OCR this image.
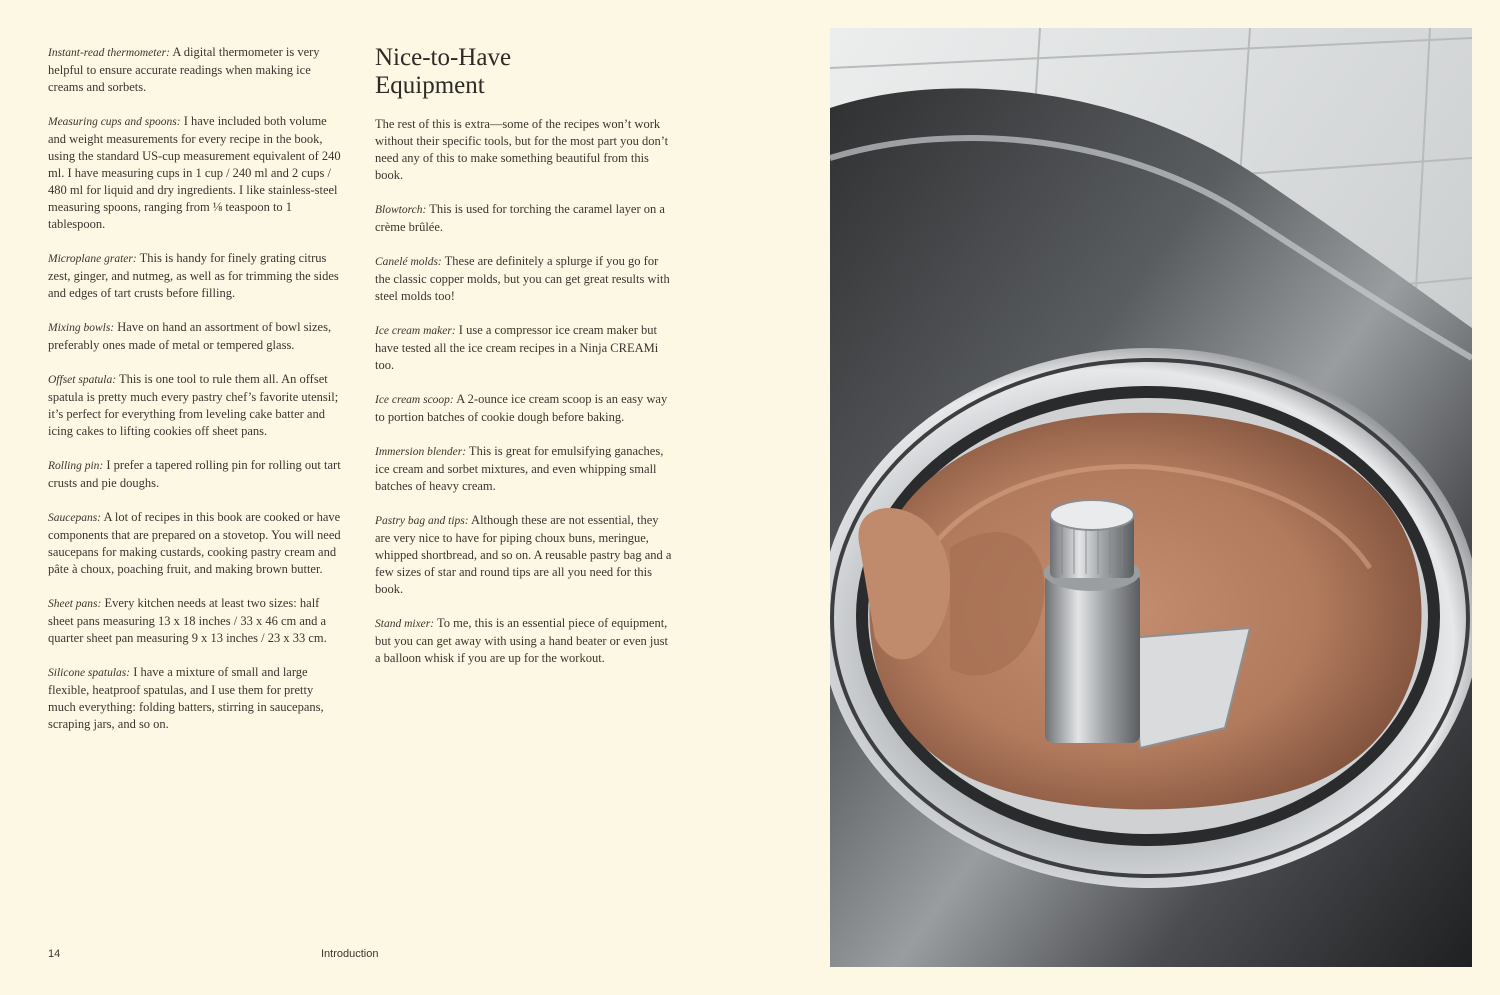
Instant-read thermometer: A digital thermometer is very helpful to ensure accurate readings when making ice creams and sorbets.

Measuring cups and spoons: I have included both volume and weight measurements for every recipe in the book, using the standard US-cup measurement equivalent of 240 ml. I have measuring cups in 1 cup / 240 ml and 2 cups / 480 ml for liquid and dry ingredients. I like stainless-steel measuring spoons, ranging from ⅛ teaspoon to 1 tablespoon.

Microplane grater: This is handy for finely grating citrus zest, ginger, and nutmeg, as well as for trimming the sides and edges of tart crusts before filling.

Mixing bowls: Have on hand an assortment of bowl sizes, preferably ones made of metal or tempered glass.

Offset spatula: This is one tool to rule them all. An offset spatula is pretty much every pastry chef’s favorite utensil; it’s perfect for everything from leveling cake batter and icing cakes to lifting cookies off sheet pans.

Rolling pin: I prefer a tapered rolling pin for rolling out tart crusts and pie doughs.

Saucepans: A lot of recipes in this book are cooked or have components that are prepared on a stovetop. You will need saucepans for making custards, cooking pastry cream and pâte à choux, poaching fruit, and making brown butter.

Sheet pans: Every kitchen needs at least two sizes: half sheet pans measuring 13 x 18 inches / 33 x 46 cm and a quarter sheet pan measuring 9 x 13 inches / 23 x 33 cm.

Silicone spatulas: I have a mixture of small and large flexible, heatproof spatulas, and I use them for pretty much everything: folding batters, stirring in saucepans, scraping jars, and so on.

Nice-to-Have
Equipment

The rest of this is extra—some of the recipes won’t work without their specific tools, but for the most part you don’t need any of this to make something beautiful from this book.

Blowtorch: This is used for torching the caramel layer on a crème brûlée.

Canelé molds: These are definitely a splurge if you go for the classic copper molds, but you can get great results with steel molds too!

Ice cream maker: I use a compressor ice cream maker but have tested all the ice cream recipes in a Ninja CREAMi too.

Ice cream scoop: A 2-ounce ice cream scoop is an easy way to portion batches of cookie dough before baking.

Immersion blender: This is great for emulsifying ganaches, ice cream and sorbet mixtures, and even whipping small batches of heavy cream.

Pastry bag and tips: Although these are not essential, they are very nice to have for piping choux buns, meringue, whipped shortbread, and so on. A reusable pastry bag and a few sizes of star and round tips are all you need for this book.

Stand mixer: To me, this is an essential piece of equipment, but you can get away with using a hand beater or even just a balloon whisk if you are up for the workout.

14	Introduction
